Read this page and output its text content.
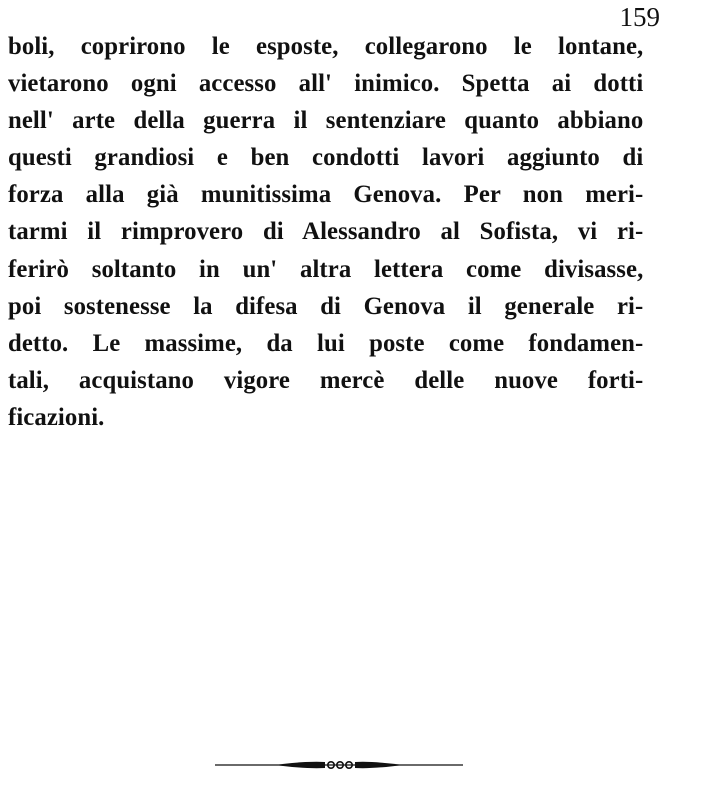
159
boli, coprirono le esposte, collegarono le lontane,
vietarono ogni accesso all' inimico. Spetta ai dotti
nell' arte della guerra il sentenziare quanto abbiano
questi grandiosi e ben condotti lavori aggiunto di
forza alla già munitissima Genova. Per non meri-
tarmi il rimprovero di Alessandro al Sofista, vi ri-
ferirò soltanto in un' altra lettera come divisasse,
poi sostenesse la difesa di Genova il generale ri-
detto. Le massime, da lui poste come fondamen-
tali, acquistano vigore mercè delle nuove forti-
ficazioni.
